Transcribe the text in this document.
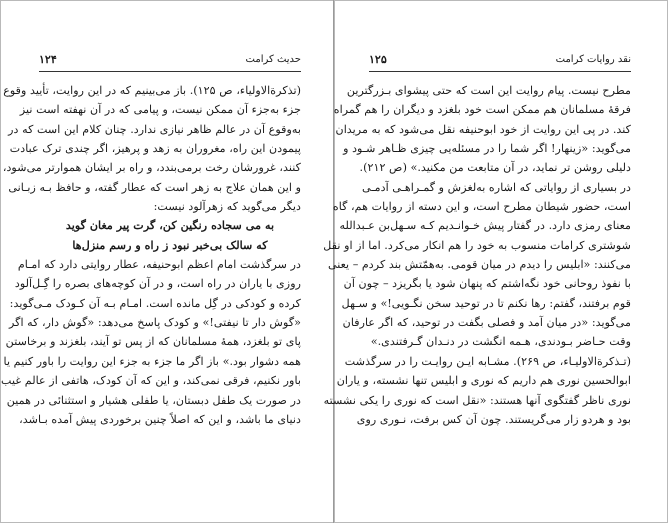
حدیث کرامت
۱۲۴
(تذکرة‌الاولیاء، ص ۱۲۵). باز می‌بینیم که در این روایت، تأیید وقوع
جزء به‌جزء آن ممکن نیست، و پیامی که در آن نهفته است نیز
به‌وقوع آن در عالم ظاهر نیازی ندارد. چنان کلام این است که در
پیمودن این راه، مغروران به زهد و پرهیز، اگر چندی ترک عبادت
کنند، غرورشان رخت برمی‌بندد، و راه بر ایشان هموارتر می‌شود،
و این همان علاج به زهر است که عطار گفته، و حافظ بـه زبـانی
دیگر می‌گوید که زهرآلود نیست:
به می سجاده رنگین کن، گرت پیر مغان گوید
که سالک بی‌خبر نبود ز راه و رسم منزل‌ها
در سرگذشت امام اعظم ابوحنیفه، عطار روایتی دارد که امـام
روزی با یاران در راه است، و در آن کوچه‌های بصره را گِـل‌آلود
کرده و کودکی در گِل مانده است. امـام بـه آن کـودک مـی‌گوید:
«گوش دار تا نیفتی!» و کودک پاسخ می‌دهد: «گوش دار، که اگر
پای تو بلغزد، همهٔ مسلمانان که از پس تو آیند، بلغزند و برخاستن
همه دشوار بود.» باز اگر ما جزء به جزء این روایت را باور کنیم یا
باور نکنیم، فرقی نمی‌کند، و این که آن کودک، هاتفی از عالم غیب
در صورت یک طفل دبستان، یا طفلی هشیار و استثنائی در همین
دنیای ما باشد، و این که اصلاً چنین برخوردی پیش آمده بـاشد،
نقد روایات کرامت
۱۲۵
مطرح نیست. پیام روایت این است که حتی پیشوای بـزرگترین
فرقهٔ مسلمانان هم ممکن است خود بلغزد و دیگران را هم گمراه
کند. در پی این روایت از خود ابوحنیفه نقل می‌شود که به مریدان
می‌گوید: «زینهار! اگر شما را در مسئله‌یی چیزی ظـاهر شـود و
دلیلی روشن تر نماید، در آن متابعت من مکنید.» (ص ۲۱۲).
در بسیاری از روایاتی که اشاره به‌لغزش و گمـراهـی آدمـی
است، حضور شیطان مطرح است، و این دسته از روایات هم، گاه
معنای رمزی دارد. در گفتار پیش خـوانـدیم کـه سـهل‌بن عـبدالله
شوشتری کرامات منسوب به خود را هم انکار می‌کرد. اما از او نقل
می‌کنند: «ابلیس را دیدم در میان قومی. به‌همّتش بند کردم – یعنی
با نفوذ روحانی خود نگه‌اشتم که پنهان شود یا بگریزد – چون آن
قوم برفتند، گفتم: رها نکنم تا در توحید سخن نگـویی!» و سـهل
می‌گوید: «در میان آمد و فصلی بگفت در توحید، که اگر عارفان
وقت حـاضر بـودندی، هـمه انگشت در دنـدان گـرفتندی.»
(تـذکرة‌الاولیـاء، ص ۲۶۹). مشـابه ایـن روایـت را در سرگذشت
ابوالحسین نوری هم داریم که نوری و ابلیس تنها نشسته، و یاران
نوری ناظر گفتگوی آنها هستند: «نقل است که نوری را یکی نشسته
بود و هردو زار می‌گریستند. چون آن کس برفت، نـوری روی
